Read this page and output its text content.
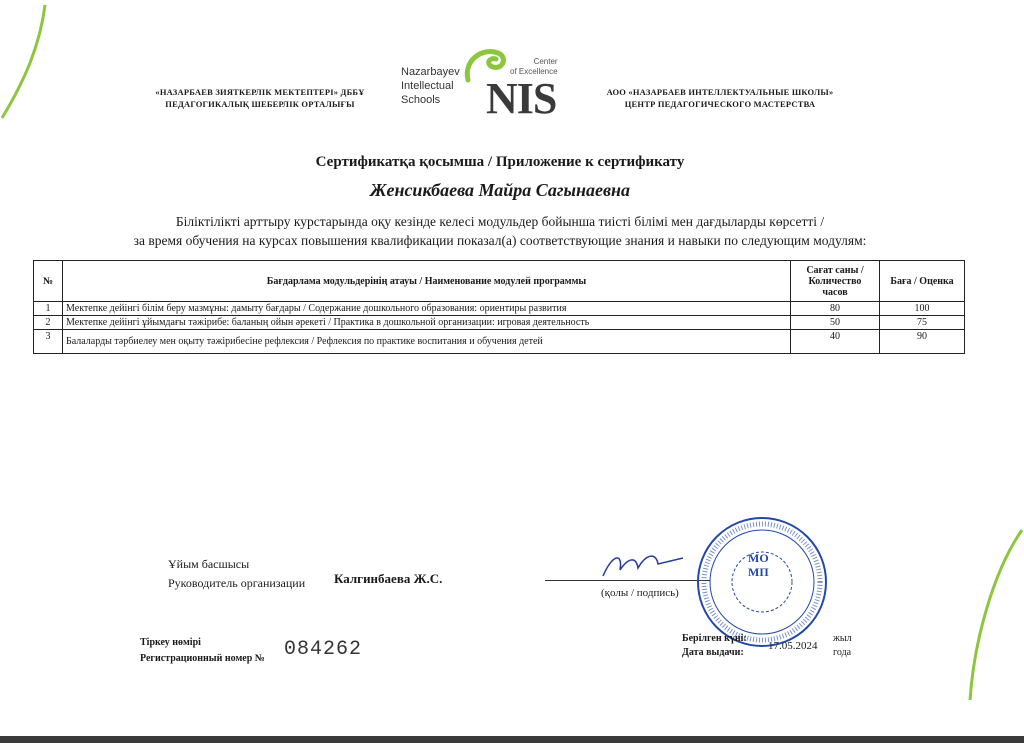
«НАЗАРБАЕВ ЗИЯТКЕРЛІК МЕКТЕПТЕРІ» ДББҰ
ПЕДАГОГИКАЛЫҚ ШЕБЕРЛІК ОРТАЛЫҒЫ
АОО «НАЗАРБАЕВ ИНТЕЛЛЕКТУАЛЬНЫЕ ШКОЛЫ»
ЦЕНТР ПЕДАГОГИЧЕСКОГО МАСТЕРСТВА
Nazarbayev
Intellectual
Schools
Center
of Excellence
NIS
Сертификатқа қосымша / Приложение к сертификату
Женсикбаева Майра Сагынаевна
Біліктілікті арттыру курстарында оқу кезінде келесі модульдер бойынша тиісті білімі мен дағдыларды көрсетті /
за время обучения на курсах повышения квалификации показал(а) соответствующие знания и навыки по следующим модулям:
№	Бағдарлама модульдерінің атауы / Наименование модулей программы	Сағат саны /
Количество
часов	Баға / Оценка
1	Мектепке дейінгі білім беру мазмұны: дамыту бағдары / Содержание дошкольного образования: ориентиры развития	80	100
2	Мектепке дейінгі ұйымдағы тәжірибе: баланың ойын әрекеті / Практика в дошкольной организации: игровая деятельность	50	75
3	Балаларды тәрбиелеу мен оқыту тәжірибесіне рефлексия / Рефлексия по практике воспитания и обучения детей	40	90
Ұйым басшысы
Руководитель организации Калгинбаева Ж.С.
(қолы / подпись)
МО
МП
Тіркеу нөмірі
Регистрационный номер № 084262	Берілген күні:
Дата выдачи:
17.05.2024
жыл
года
